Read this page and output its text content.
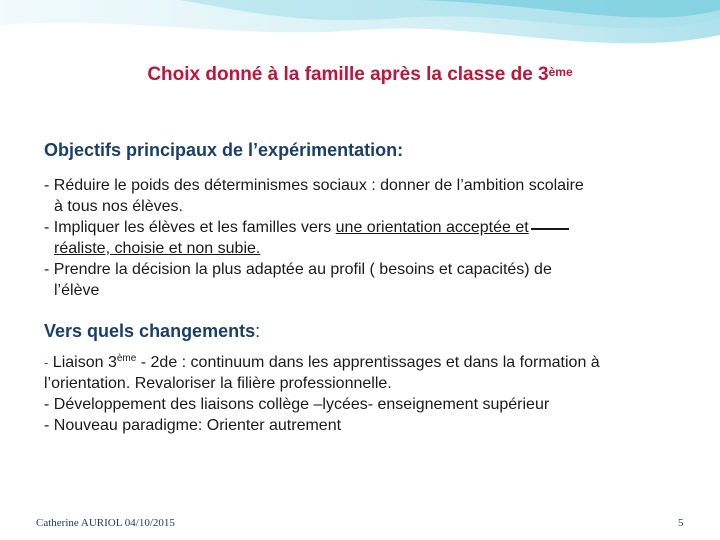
Choix donné à la famille après la classe de 3ème

Objectifs principaux de l’expérimentation:

- Réduire le poids des déterminismes sociaux : donner de l’ambition scolaire
à tous nos élèves.

- Impliquer les élèves et les familles vers une orientation acceptée et
réaliste, choisie et non subie.

- Prendre la décision la plus adaptée au profil ( besoins et capacités) de
l’élève

Vers quels changements:

- Liaison 3ème - 2de : continuum dans les apprentissages et dans la formation à
l’orientation. Revaloriser la filière professionnelle.

- Développement des liaisons collège –lycées- enseignement supérieur

- Nouveau paradigme: Orienter autrement

Catherine AURIOL 04/10/2015	5
